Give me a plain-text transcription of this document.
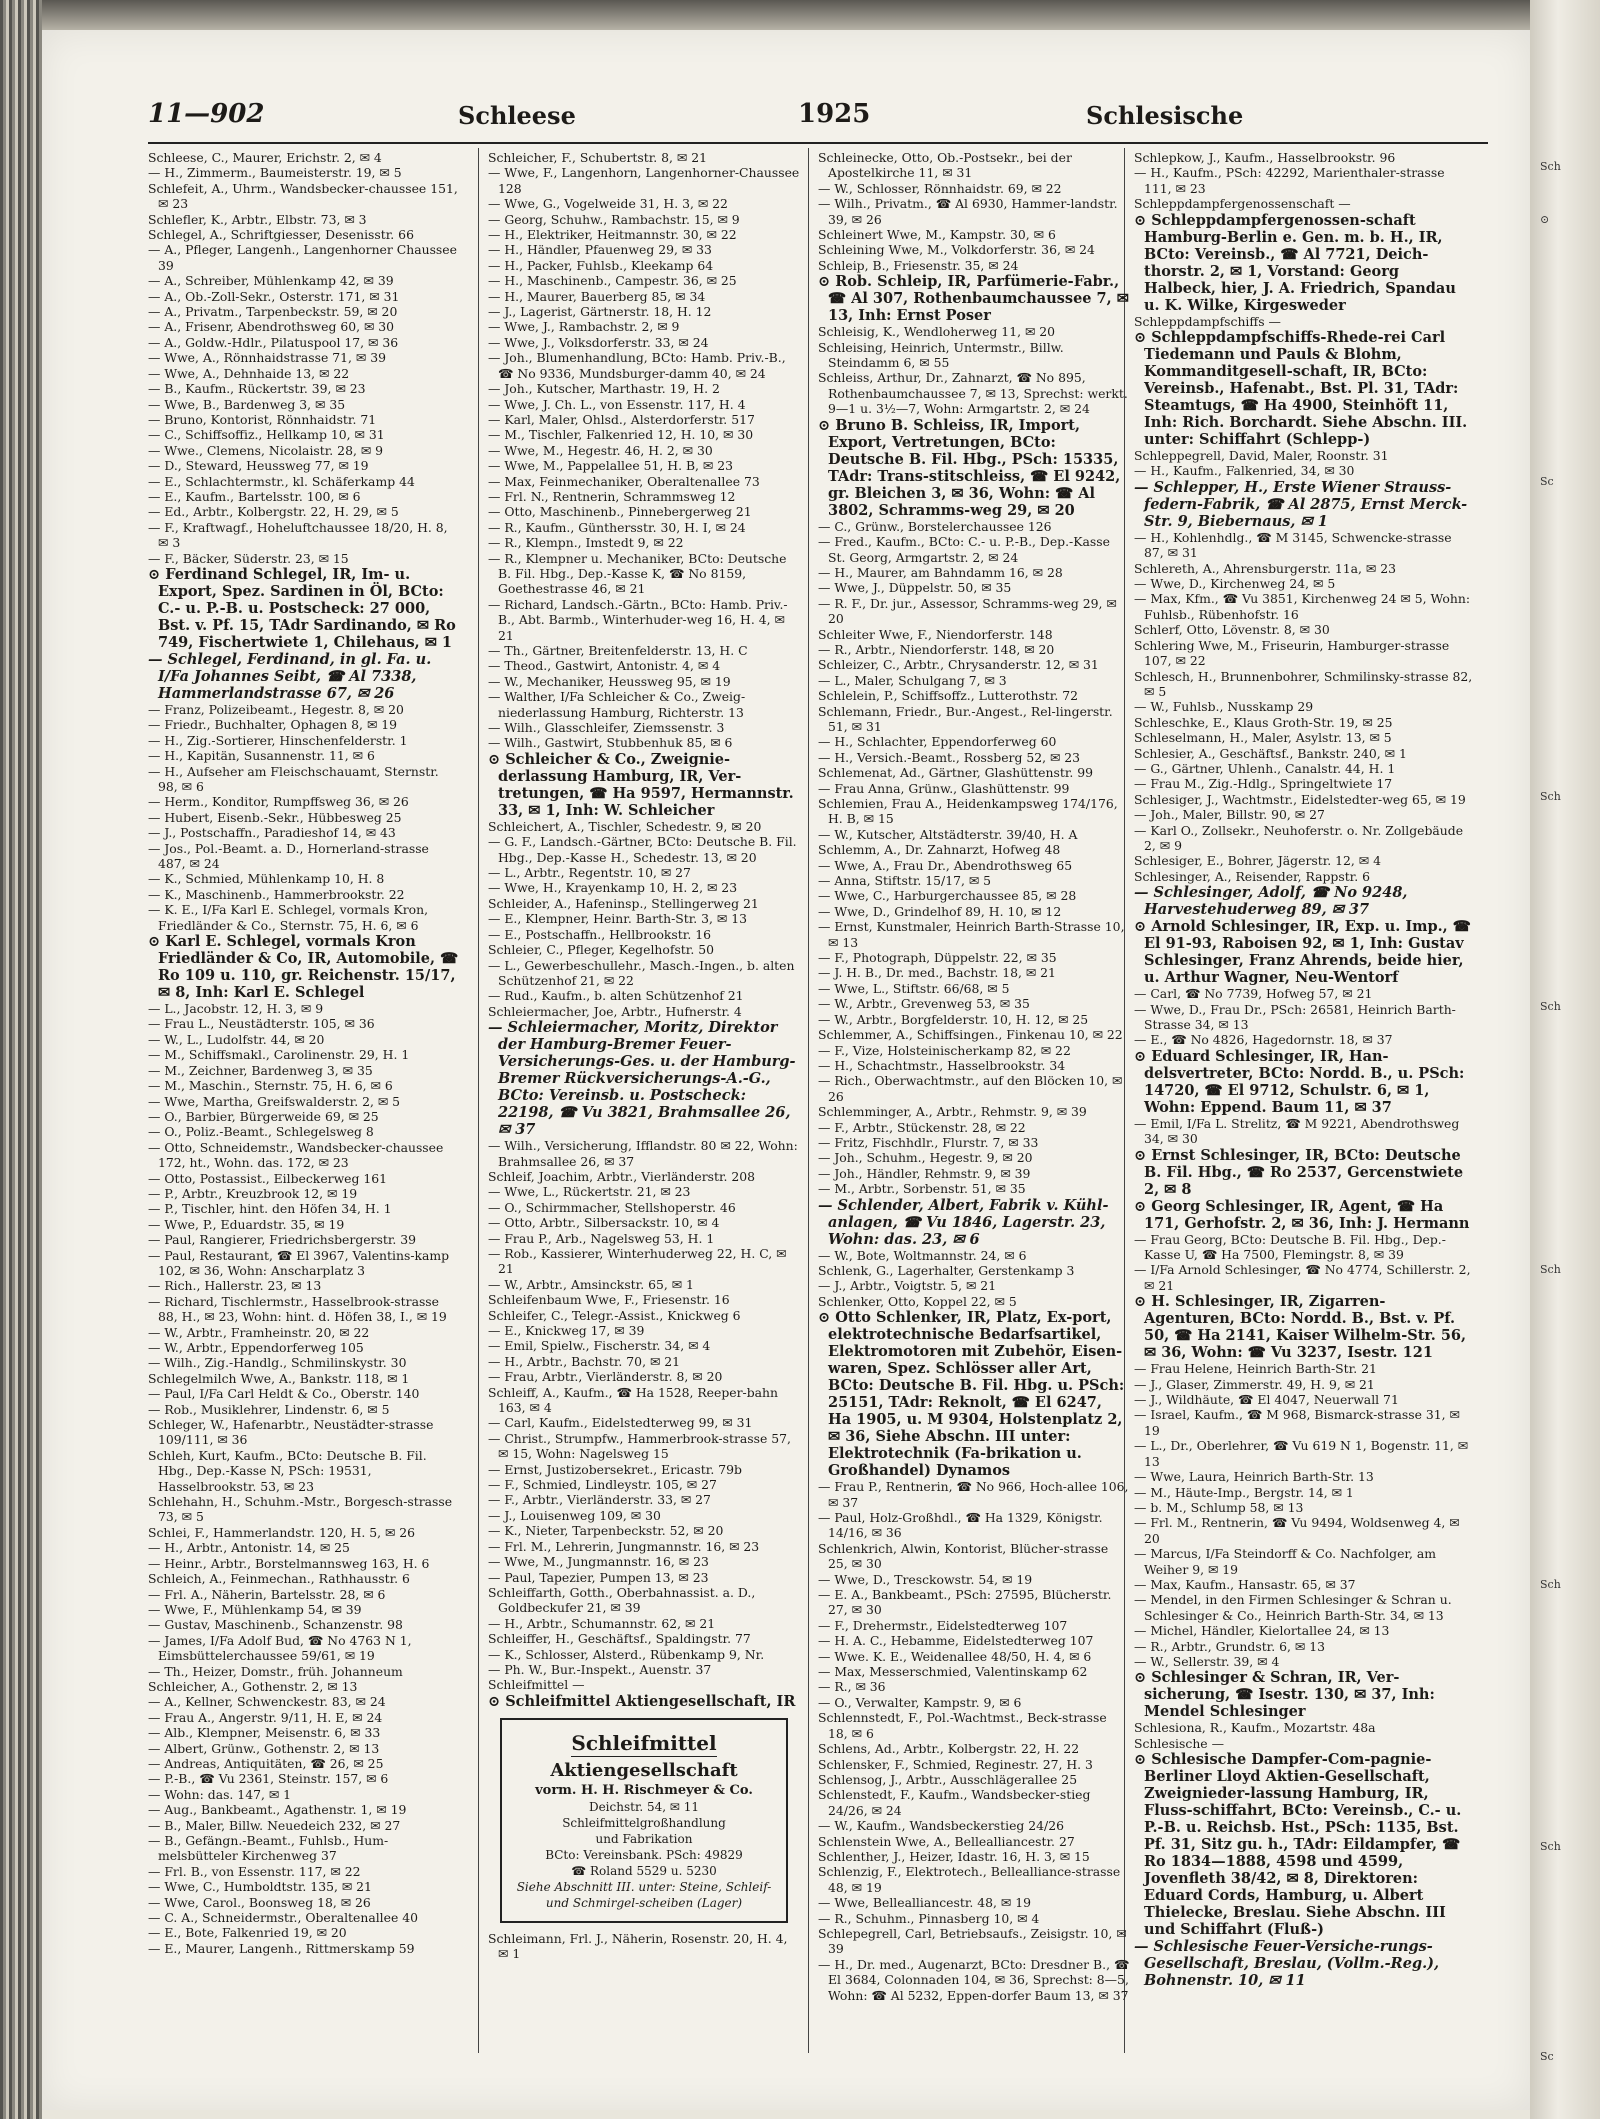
11—902	Schleese	1925	Schlesische

Schleese, C., Maurer, Erichstr. 2, ✉ 4

— H., Zimmerm., Baumeisterstr. 19, ✉ 5

Schlefeit, A., Uhrm., Wandsbecker-chaussee 151, ✉ 23

Schlefler, K., Arbtr., Elbstr. 73, ✉ 3

Schlegel, A., Schriftgiesser, Desenisstr. 66

— A., Pfleger, Langenh., Langenhorner Chaussee 39

— A., Schreiber, Mühlenkamp 42, ✉ 39

— A., Ob.-Zoll-Sekr., Osterstr. 171, ✉ 31

— A., Privatm., Tarpenbeckstr. 59, ✉ 20

— A., Frisenr, Abendrothsweg 60, ✉ 30

— A., Goldw.-Hdlr., Pilatuspool 17, ✉ 36

— Wwe, A., Rönnhaidstrasse 71, ✉ 39

— Wwe, A., Dehnhaide 13, ✉ 22

— B., Kaufm., Rückertstr. 39, ✉ 23

— Wwe, B., Bardenweg 3, ✉ 35

— Bruno, Kontorist, Rönnhaidstr. 71

— C., Schiffsoffiz., Hellkamp 10, ✉ 31

— Wwe., Clemens, Nicolaistr. 28, ✉ 9

— D., Steward, Heussweg 77, ✉ 19

— E., Schlachtermstr., kl. Schäferkamp 44

— E., Kaufm., Bartelsstr. 100, ✉ 6

— Ed., Arbtr., Kolbergstr. 22, H. 29, ✉ 5

— F., Kraftwagf., Hoheluftchaussee 18/20, H. 8, ✉ 3

— F., Bäcker, Süderstr. 23, ✉ 15

⊙ Ferdinand Schlegel, IR, Im- u. Export, Spez. Sardinen in Öl, BCto: C.- u. P.-B. u. Postscheck: 27 000, Bst. v. Pf. 15, TAdr Sardinando, ✉ Ro 749, Fischertwiete 1, Chilehaus, ✉ 1

— Schlegel, Ferdinand, in gl. Fa. u. I/Fa Johannes Seibt, ☎ Al 7338, Hammerlandstrasse 67, ✉ 26

— Franz, Polizeibeamt., Hegestr. 8, ✉ 20

— Friedr., Buchhalter, Ophagen 8, ✉ 19

— H., Zig.-Sortierer, Hinschenfelderstr. 1

— H., Kapitän, Susannenstr. 11, ✉ 6

— H., Aufseher am Fleischschauamt, Sternstr. 98, ✉ 6

— Herm., Konditor, Rumpffsweg 36, ✉ 26

— Hubert, Eisenb.-Sekr., Hübbesweg 25

— J., Postschaffn., Paradieshof 14, ✉ 43

— Jos., Pol.-Beamt. a. D., Hornerland-strasse 487, ✉ 24

— K., Schmied, Mühlenkamp 10, H. 8

— K., Maschinenb., Hammerbrookstr. 22

— K. E., I/Fa Karl E. Schlegel, vormals Kron, Friedländer & Co., Sternstr. 75, H. 6, ✉ 6

⊙ Karl E. Schlegel, vormals Kron Friedländer & Co, IR, Automobile, ☎ Ro 109 u. 110, gr. Reichenstr. 15/17, ✉ 8, Inh: Karl E. Schlegel

— L., Jacobstr. 12, H. 3, ✉ 9

— Frau L., Neustädterstr. 105, ✉ 36

— W., L., Ludolfstr. 44, ✉ 20

— M., Schiffsmakl., Carolinenstr. 29, H. 1

— M., Zeichner, Bardenweg 3, ✉ 35

— M., Maschin., Sternstr. 75, H. 6, ✉ 6

— Wwe, Martha, Greifswalderstr. 2, ✉ 5

— O., Barbier, Bürgerweide 69, ✉ 25

— O., Poliz.-Beamt., Schlegelsweg 8

— Otto, Schneidemstr., Wandsbecker-chaussee 172, ht., Wohn. das. 172, ✉ 23

— Otto, Postassist., Eilbeckerweg 161

— P., Arbtr., Kreuzbrook 12, ✉ 19

— P., Tischler, hint. den Höfen 34, H. 1

— Wwe, P., Eduardstr. 35, ✉ 19

— Paul, Rangierer, Friedrichsbergerstr. 39

— Paul, Restaurant, ☎ El 3967, Valentins-kamp 102, ✉ 36, Wohn: Anscharplatz 3

— Rich., Hallerstr. 23, ✉ 13

— Richard, Tischlermstr., Hasselbrook-strasse 88, H., ✉ 23, Wohn: hint. d. Höfen 38, I., ✉ 19

— W., Arbtr., Framheinstr. 20, ✉ 22

— W., Arbtr., Eppendorferweg 105

— Wilh., Zig.-Handlg., Schmilinskystr. 30

Schlegelmilch Wwe, A., Bankstr. 118, ✉ 1

— Paul, I/Fa Carl Heldt & Co., Oberstr. 140

— Rob., Musiklehrer, Lindenstr. 6, ✉ 5

Schleger, W., Hafenarbtr., Neustädter-strasse 109/111, ✉ 36

Schleh, Kurt, Kaufm., BCto: Deutsche B. Fil. Hbg., Dep.-Kasse N, PSch: 19531, Hasselbrookstr. 53, ✉ 23

Schlehahn, H., Schuhm.-Mstr., Borgesch-strasse 73, ✉ 5

Schlei, F., Hammerlandstr. 120, H. 5, ✉ 26

— H., Arbtr., Antonistr. 14, ✉ 25

— Heinr., Arbtr., Borstelmannsweg 163, H. 6

Schleich, A., Feinmechan., Rathhausstr. 6

— Frl. A., Näherin, Bartelsstr. 28, ✉ 6

— Wwe, F., Mühlenkamp 54, ✉ 39

— Gustav, Maschinenb., Schanzenstr. 98

— James, I/Fa Adolf Bud, ☎ No 4763 N 1, Eimsbüttelerchaussee 59/61, ✉ 19

— Th., Heizer, Domstr., früh. Johanneum

Schleicher, A., Gothenstr. 2, ✉ 13

— A., Kellner, Schwenckestr. 83, ✉ 24

— Frau A., Angerstr. 9/11, H. E, ✉ 24

— Alb., Klempner, Meisenstr. 6, ✉ 33

— Albert, Grünw., Gothenstr. 2, ✉ 13

— Andreas, Antiquitäten, ☎ 26, ✉ 25

— P.-B., ☎ Vu 2361, Steinstr. 157, ✉ 6

— Wohn: das. 147, ✉ 1

— Aug., Bankbeamt., Agathenstr. 1, ✉ 19

— B., Maler, Billw. Neuedeich 232, ✉ 27

— B., Gefängn.-Beamt., Fuhlsb., Hum-melsbütteler Kirchenweg 37

— Frl. B., von Essenstr. 117, ✉ 22

— Wwe, C., Humboldtstr. 135, ✉ 21

— Wwe, Carol., Boonsweg 18, ✉ 26

— C. A., Schneidermstr., Oberaltenallee 40

— E., Bote, Falkenried 19, ✉ 20

— E., Maurer, Langenh., Rittmerskamp 59

Schleicher, F., Schubertstr. 8, ✉ 21

— Wwe, F., Langenhorn, Langenhorner-Chaussee 128

— Wwe, G., Vogelweide 31, H. 3, ✉ 22

— Georg, Schuhw., Rambachstr. 15, ✉ 9

— H., Elektriker, Heitmannstr. 30, ✉ 22

— H., Händler, Pfauenweg 29, ✉ 33

— H., Packer, Fuhlsb., Kleekamp 64

— H., Maschinenb., Campestr. 36, ✉ 25

— H., Maurer, Bauerberg 85, ✉ 34

— J., Lagerist, Gärtnerstr. 18, H. 12

— Wwe, J., Rambachstr. 2, ✉ 9

— Wwe, J., Volksdorferstr. 33, ✉ 24

— Joh., Blumenhandlung, BCto: Hamb. Priv.-B., ☎ No 9336, Mundsburger-damm 40, ✉ 24

— Joh., Kutscher, Marthastr. 19, H. 2

— Wwe, J. Ch. L., von Essenstr. 117, H. 4

— Karl, Maler, Ohlsd., Alsterdorferstr. 517

— M., Tischler, Falkenried 12, H. 10, ✉ 30

— Wwe, M., Hegestr. 46, H. 2, ✉ 30

— Wwe, M., Pappelallee 51, H. B, ✉ 23

— Max, Feinmechaniker, Oberaltenallee 73

— Frl. N., Rentnerin, Schrammsweg 12

— Otto, Maschinenb., Pinnebergerweg 21

— R., Kaufm., Günthersstr. 30, H. I, ✉ 24

— R., Klempn., Imstedt 9, ✉ 22

— R., Klempner u. Mechaniker, BCto: Deutsche B. Fil. Hbg., Dep.-Kasse K, ☎ No 8159, Goethestrasse 46, ✉ 21

— Richard, Landsch.-Gärtn., BCto: Hamb. Priv.-B., Abt. Barmb., Winterhuder-weg 16, H. 4, ✉ 21

— Th., Gärtner, Breitenfelderstr. 13, H. C

— Theod., Gastwirt, Antonistr. 4, ✉ 4

— W., Mechaniker, Heussweg 95, ✉ 19

— Walther, I/Fa Schleicher & Co., Zweig-niederlassung Hamburg, Richterstr. 13

— Wilh., Glasschleifer, Ziemssenstr. 3

— Wilh., Gastwirt, Stubbenhuk 85, ✉ 6

⊙ Schleicher & Co., Zweignie-derlassung Hamburg, IR, Ver-tretungen, ☎ Ha 9597, Hermannstr. 33, ✉ 1, Inh: W. Schleicher

Schleichert, A., Tischler, Schedestr. 9, ✉ 20

— G. F., Landsch.-Gärtner, BCto: Deutsche B. Fil. Hbg., Dep.-Kasse H., Schedestr. 13, ✉ 20

— L., Arbtr., Regentstr. 10, ✉ 27

— Wwe, H., Krayenkamp 10, H. 2, ✉ 23

Schleider, A., Hafeninsp., Stellingerweg 21

— E., Klempner, Heinr. Barth-Str. 3, ✉ 13

— E., Postschaffn., Hellbrookstr. 16

Schleier, C., Pfleger, Kegelhofstr. 50

— L., Gewerbeschullehr., Masch.-Ingen., b. alten Schützenhof 21, ✉ 22

— Rud., Kaufm., b. alten Schützenhof 21

Schleiermacher, Joe, Arbtr., Hufnerstr. 4

— Schleiermacher, Moritz, Direktor der Hamburg-Bremer Feuer-Versicherungs-Ges. u. der Hamburg-Bremer Rückversicherungs-A.-G., BCto: Vereinsb. u. Postscheck: 22198, ☎ Vu 3821, Brahmsallee 26, ✉ 37

— Wilh., Versicherung, Ifflandstr. 80 ✉ 22, Wohn: Brahmsallee 26, ✉ 37

Schleif, Joachim, Arbtr., Vierländerstr. 208

— Wwe, L., Rückertstr. 21, ✉ 23

— O., Schirmmacher, Stellshoperstr. 46

— Otto, Arbtr., Silbersackstr. 10, ✉ 4

— Frau P., Arb., Nagelsweg 53, H. 1

— Rob., Kassierer, Winterhuderweg 22, H. C, ✉ 21

— W., Arbtr., Amsinckstr. 65, ✉ 1

Schleifenbaum Wwe, F., Friesenstr. 16

Schleifer, C., Telegr.-Assist., Knickweg 6

— E., Knickweg 17, ✉ 39

— Emil, Spielw., Fischerstr. 34, ✉ 4

— H., Arbtr., Bachstr. 70, ✉ 21

— Frau, Arbtr., Vierländerstr. 8, ✉ 20

Schleiff, A., Kaufm., ☎ Ha 1528, Reeper-bahn 163, ✉ 4

— Carl, Kaufm., Eidelstedterweg 99, ✉ 31

— Christ., Strumpfw., Hammerbrook-strasse 57, ✉ 15, Wohn: Nagelsweg 15

— Ernst, Justizobersekret., Ericastr. 79b

— F., Schmied, Lindleystr. 105, ✉ 27

— F., Arbtr., Vierländerstr. 33, ✉ 27

— J., Louisenweg 109, ✉ 30

— K., Nieter, Tarpenbeckstr. 52, ✉ 20

— Frl. M., Lehrerin, Jungmannstr. 16, ✉ 23

— Wwe, M., Jungmannstr. 16, ✉ 23

— Paul, Tapezier, Pumpen 13, ✉ 23

Schleiffarth, Gotth., Oberbahnassist. a. D., Goldbeckufer 21, ✉ 39

— H., Arbtr., Schumannstr. 62, ✉ 21

Schleiffer, H., Geschäftsf., Spaldingstr. 77

— K., Schlosser, Alsterd., Rübenkamp 9, Nr.

— Ph. W., Bur.-Inspekt., Auenstr. 37

Schleifmittel —

⊙ Schleifmittel Aktiengesellschaft, IR

Schleifmittel
Aktiengesellschaft
vorm. H. H. Rischmeyer & Co.
Deichstr. 54, ✉ 11
Schleifmittelgroßhandlung
und Fabrikation
BCto: Vereinsbank. PSch: 49829
☎ Roland 5529 u. 5230
Siehe Abschnitt III. unter: Steine, Schleif- und Schmirgel-scheiben (Lager)

Schleimann, Frl. J., Näherin, Rosenstr. 20, H. 4, ✉ 1

Schleinecke, Otto, Ob.-Postsekr., bei der Apostelkirche 11, ✉ 31

— W., Schlosser, Rönnhaidstr. 69, ✉ 22

— Wilh., Privatm., ☎ Al 6930, Hammer-landstr. 39, ✉ 26

Schleinert Wwe, M., Kampstr. 30, ✉ 6

Schleining Wwe, M., Volkdorferstr. 36, ✉ 24

Schleip, B., Friesenstr. 35, ✉ 24

⊙ Rob. Schleip, IR, Parfümerie-Fabr., ☎ Al 307, Rothenbaumchaussee 7, ✉ 13, Inh: Ernst Poser

Schleisig, K., Wendloherweg 11, ✉ 20

Schleising, Heinrich, Untermstr., Billw. Steindamm 6, ✉ 55

Schleiss, Arthur, Dr., Zahnarzt, ☎ No 895, Rothenbaumchaussee 7, ✉ 13, Sprechst: werkt. 9—1 u. 3½—7, Wohn: Armgartstr. 2, ✉ 24

⊙ Bruno B. Schleiss, IR, Import, Export, Vertretungen, BCto: Deutsche B. Fil. Hbg., PSch: 15335, TAdr: Trans-stitschleiss, ☎ El 9242, gr. Bleichen 3, ✉ 36, Wohn: ☎ Al 3802, Schramms-weg 29, ✉ 20

— C., Grünw., Borstelerchaussee 126

— Fred., Kaufm., BCto: C.- u. P.-B., Dep.-Kasse St. Georg, Armgartstr. 2, ✉ 24

— H., Maurer, am Bahndamm 16, ✉ 28

— Wwe, J., Düppelstr. 50, ✉ 35

— R. F., Dr. jur., Assessor, Schramms-weg 29, ✉ 20

Schleiter Wwe, F., Niendorferstr. 148

— R., Arbtr., Niendorferstr. 148, ✉ 20

Schleizer, C., Arbtr., Chrysanderstr. 12, ✉ 31

— L., Maler, Schulgang 7, ✉ 3

Schlelein, P., Schiffsoffz., Lutterothstr. 72

Schlemann, Friedr., Bur.-Angest., Rel-lingerstr. 51, ✉ 31

— H., Schlachter, Eppendorferweg 60

— H., Versich.-Beamt., Rossberg 52, ✉ 23

Schlemenat, Ad., Gärtner, Glashüttenstr. 99

— Frau Anna, Grünw., Glashüttenstr. 99

Schlemien, Frau A., Heidenkampsweg 174/176, H. B, ✉ 15

— W., Kutscher, Altstädterstr. 39/40, H. A

Schlemm, A., Dr. Zahnarzt, Hofweg 48

— Wwe, A., Frau Dr., Abendrothsweg 65

— Anna, Stiftstr. 15/17, ✉ 5

— Wwe, C., Harburgerchaussee 85, ✉ 28

— Wwe, D., Grindelhof 89, H. 10, ✉ 12

— Ernst, Kunstmaler, Heinrich Barth-Strasse 10, ✉ 13

— F., Photograph, Düppelstr. 22, ✉ 35

— J. H. B., Dr. med., Bachstr. 18, ✉ 21

— Wwe, L., Stiftstr. 66/68, ✉ 5

— W., Arbtr., Grevenweg 53, ✉ 35

— W., Arbtr., Borgfelderstr. 10, H. 12, ✉ 25

Schlemmer, A., Schiffsingen., Finkenau 10, ✉ 22

— F., Vize, Holsteinischerkamp 82, ✉ 22

— H., Schachtmstr., Hasselbrookstr. 34

— Rich., Oberwachtmstr., auf den Blöcken 10, ✉ 26

Schlemminger, A., Arbtr., Rehmstr. 9, ✉ 39

— F., Arbtr., Stückenstr. 28, ✉ 22

— Fritz, Fischhdlr., Flurstr. 7, ✉ 33

— Joh., Schuhm., Hegestr. 9, ✉ 20

— Joh., Händler, Rehmstr. 9, ✉ 39

— M., Arbtr., Sorbenstr. 51, ✉ 35

— Schlender, Albert, Fabrik v. Kühl-anlagen, ☎ Vu 1846, Lagerstr. 23, Wohn: das. 23, ✉ 6

— W., Bote, Woltmannstr. 24, ✉ 6

Schlenk, G., Lagerhalter, Gerstenkamp 3

— J., Arbtr., Voigtstr. 5, ✉ 21

Schlenker, Otto, Koppel 22, ✉ 5

⊙ Otto Schlenker, IR, Platz, Ex-port, elektrotechnische Bedarfsartikel, Elektromotoren mit Zubehör, Eisen-waren, Spez. Schlösser aller Art, BCto: Deutsche B. Fil. Hbg. u. PSch: 25151, TAdr: Reknolt, ☎ El 6247, Ha 1905, u. M 9304, Holstenplatz 2, ✉ 36, Siehe Abschn. III unter: Elektrotechnik (Fa-brikation u. Großhandel) Dynamos

— Frau P., Rentnerin, ☎ No 966, Hoch-allee 106, ✉ 37

— Paul, Holz-Großhdl., ☎ Ha 1329, Königstr. 14/16, ✉ 36

Schlenkrich, Alwin, Kontorist, Blücher-strasse 25, ✉ 30

— Wwe, D., Tresckowstr. 54, ✉ 19

— E. A., Bankbeamt., PSch: 27595, Blücherstr. 27, ✉ 30

— F., Drehermstr., Eidelstedterweg 107

— H. A. C., Hebamme, Eidelstedterweg 107

— Wwe. K. E., Weidenallee 48/50, H. 4, ✉ 6

— Max, Messerschmied, Valentinskamp 62

— R., ✉ 36

— O., Verwalter, Kampstr. 9, ✉ 6

Schlennstedt, F., Pol.-Wachtmst., Beck-strasse 18, ✉ 6

Schlens, Ad., Arbtr., Kolbergstr. 22, H. 22

Schlensker, F., Schmied, Reginestr. 27, H. 3

Schlensog, J., Arbtr., Ausschlägerallee 25

Schlenstedt, F., Kaufm., Wandsbecker-stieg 24/26, ✉ 24

— W., Kaufm., Wandsbeckerstieg 24/26

Schlenstein Wwe, A., Bellealliancestr. 27

Schlenther, J., Heizer, Idastr. 16, H. 3, ✉ 15

Schlenzig, F., Elektrotech., Bellealliance-strasse 48, ✉ 19

— Wwe, Bellealliancestr. 48, ✉ 19

— R., Schuhm., Pinnasberg 10, ✉ 4

Schlepegrell, Carl, Betriebsaufs., Zeisigstr. 10, ✉ 39

— H., Dr. med., Augenarzt, BCto: Dresdner B., ☎ El 3684, Colonnaden 104, ✉ 36, Sprechst: 8—5, Wohn: ☎ Al 5232, Eppen-dorfer Baum 13, ✉ 37

Schlepkow, J., Kaufm., Hasselbrookstr. 96

— H., Kaufm., PSch: 42292, Marienthaler-strasse 111, ✉ 23

Schleppdampfergenossenschaft —

⊙ Schleppdampfergenossen-schaft Hamburg-Berlin e. Gen. m. b. H., IR, BCto: Vereinsb., ☎ Al 7721, Deich-thorstr. 2, ✉ 1, Vorstand: Georg Halbeck, hier, J. A. Friedrich, Spandau u. K. Wilke, Kirgesweder

Schleppdampfschiffs —

⊙ Schleppdampfschiffs-Rhede-rei Carl Tiedemann und Pauls & Blohm, Kommanditgesell-schaft, IR, BCto: Vereinsb., Hafenabt., Bst. Pl. 31, TAdr: Steamtugs, ☎ Ha 4900, Steinhöft 11, Inh: Rich. Borchardt. Siehe Abschn. III. unter: Schiffahrt (Schlepp-)

Schleppegrell, David, Maler, Roonstr. 31

— H., Kaufm., Falkenried, 34, ✉ 30

— Schlepper, H., Erste Wiener Strauss-federn-Fabrik, ☎ Al 2875, Ernst Merck-Str. 9, Biebernaus, ✉ 1

— H., Kohlenhdlg., ☎ M 3145, Schwencke-strasse 87, ✉ 31

Schlereth, A., Ahrensburgerstr. 11a, ✉ 23

— Wwe, D., Kirchenweg 24, ✉ 5

— Max, Kfm., ☎ Vu 3851, Kirchenweg 24 ✉ 5, Wohn: Fuhlsb., Rübenhofstr. 16

Schlerf, Otto, Lövenstr. 8, ✉ 30

Schlering Wwe, M., Friseurin, Hamburger-strasse 107, ✉ 22

Schlesch, H., Brunnenbohrer, Schmilinsky-strasse 82, ✉ 5

— W., Fuhlsb., Nusskamp 29

Schleschke, E., Klaus Groth-Str. 19, ✉ 25

Schleselmann, H., Maler, Asylstr. 13, ✉ 5

Schlesier, A., Geschäftsf., Bankstr. 240, ✉ 1

— G., Gärtner, Uhlenh., Canalstr. 44, H. 1

— Frau M., Zig.-Hdlg., Springeltwiete 17

Schlesiger, J., Wachtmstr., Eidelstedter-weg 65, ✉ 19

— Joh., Maler, Billstr. 90, ✉ 27

— Karl O., Zollsekr., Neuhoferstr. o. Nr. Zollgebäude 2, ✉ 9

Schlesiger, E., Bohrer, Jägerstr. 12, ✉ 4

Schlesinger, A., Reisender, Rappstr. 6

— Schlesinger, Adolf, ☎ No 9248, Harvestehuderweg 89, ✉ 37

⊙ Arnold Schlesinger, IR, Exp. u. Imp., ☎ El 91-93, Raboisen 92, ✉ 1, Inh: Gustav Schlesinger, Franz Ahrends, beide hier, u. Arthur Wagner, Neu-Wentorf

— Carl, ☎ No 7739, Hofweg 57, ✉ 21

— Wwe, D., Frau Dr., PSch: 26581, Heinrich Barth-Strasse 34, ✉ 13

— E., ☎ No 4826, Hagedornstr. 18, ✉ 37

⊙ Eduard Schlesinger, IR, Han-delsvertreter, BCto: Nordd. B., u. PSch: 14720, ☎ El 9712, Schulstr. 6, ✉ 1, Wohn: Eppend. Baum 11, ✉ 37

— Emil, I/Fa L. Strelitz, ☎ M 9221, Abendrothsweg 34, ✉ 30

⊙ Ernst Schlesinger, IR, BCto: Deutsche B. Fil. Hbg., ☎ Ro 2537, Gercenstwiete 2, ✉ 8

⊙ Georg Schlesinger, IR, Agent, ☎ Ha 171, Gerhofstr. 2, ✉ 36, Inh: J. Hermann

— Frau Georg, BCto: Deutsche B. Fil. Hbg., Dep.-Kasse U, ☎ Ha 7500, Flemingstr. 8, ✉ 39

— I/Fa Arnold Schlesinger, ☎ No 4774, Schillerstr. 2, ✉ 21

⊙ H. Schlesinger, IR, Zigarren-Agenturen, BCto: Nordd. B., Bst. v. Pf. 50, ☎ Ha 2141, Kaiser Wilhelm-Str. 56, ✉ 36, Wohn: ☎ Vu 3237, Isestr. 121

— Frau Helene, Heinrich Barth-Str. 21

— J., Glaser, Zimmerstr. 49, H. 9, ✉ 21

— J., Wildhäute, ☎ El 4047, Neuerwall 71

— Israel, Kaufm., ☎ M 968, Bismarck-strasse 31, ✉ 19

— L., Dr., Oberlehrer, ☎ Vu 619 N 1, Bogenstr. 11, ✉ 13

— Wwe, Laura, Heinrich Barth-Str. 13

— M., Häute-Imp., Bergstr. 14, ✉ 1

— b. M., Schlump 58, ✉ 13

— Frl. M., Rentnerin, ☎ Vu 9494, Woldsenweg 4, ✉ 20

— Marcus, I/Fa Steindorff & Co. Nachfolger, am Weiher 9, ✉ 19

— Max, Kaufm., Hansastr. 65, ✉ 37

— Mendel, in den Firmen Schlesinger & Schran u. Schlesinger & Co., Heinrich Barth-Str. 34, ✉ 13

— Michel, Händler, Kielortallee 24, ✉ 13

— R., Arbtr., Grundstr. 6, ✉ 13

— W., Sellerstr. 39, ✉ 4

⊙ Schlesinger & Schran, IR, Ver-sicherung, ☎ Isestr. 130, ✉ 37, Inh: Mendel Schlesinger

Schlesiona, R., Kaufm., Mozartstr. 48a

Schlesische —

⊙ Schlesische Dampfer-Com-pagnie-Berliner Lloyd Aktien-Gesellschaft, Zweignieder-lassung Hamburg, IR, Fluss-schiffahrt, BCto: Vereinsb., C.- u. P.-B. u. Reichsb. Hst., PSch: 1135, Bst. Pf. 31, Sitz gu. h., TAdr: Eildampfer, ☎ Ro 1834—1888, 4598 und 4599, Jovenfleth 38/42, ✉ 8, Direktoren: Eduard Cords, Hamburg, u. Albert Thielecke, Breslau. Siehe Abschn. III und Schiffahrt (Fluß-)

— Schlesische Feuer-Versiche-rungs-Gesellschaft, Breslau, (Vollm.-Reg.), Bohnenstr. 10, ✉ 11

Sch
⊙
Sc
Sch
Sch
Sch
Sch
Sch
Sc
